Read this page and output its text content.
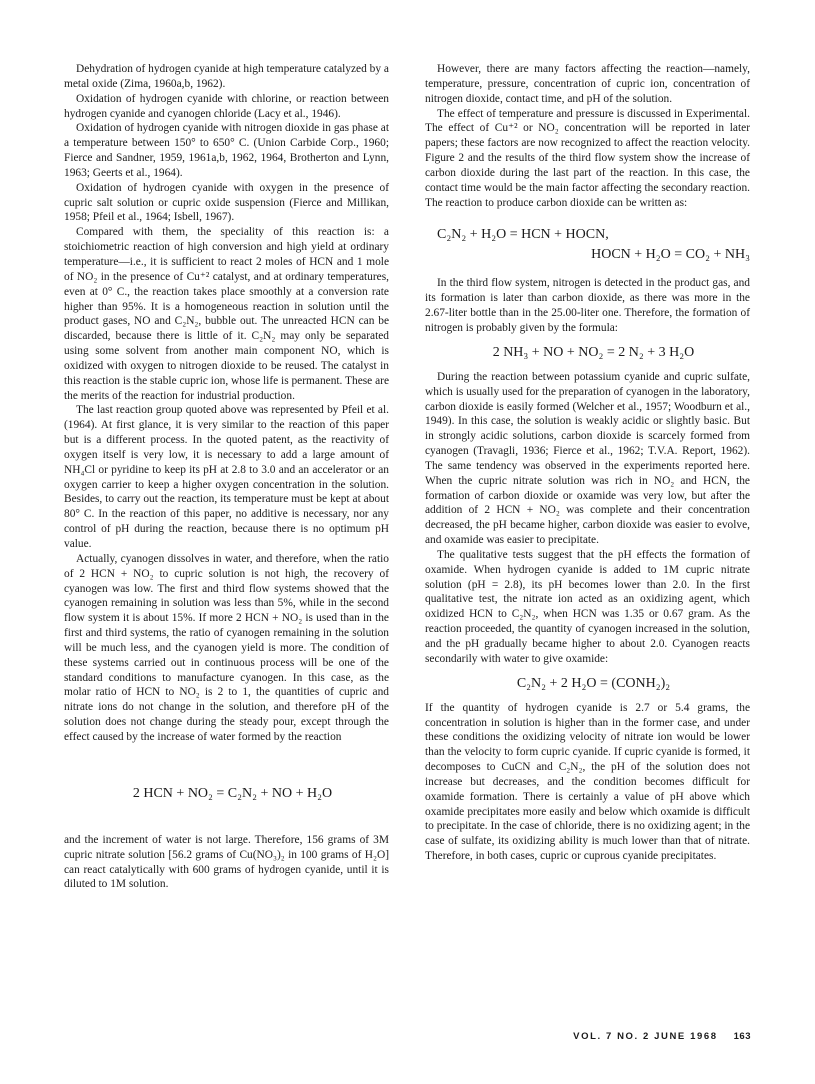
Dehydration of hydrogen cyanide at high temperature catalyzed by a metal oxide (Zima, 1960a,b, 1962).

Oxidation of hydrogen cyanide with chlorine, or reaction between hydrogen cyanide and cyanogen chloride (Lacy et al., 1946).

Oxidation of hydrogen cyanide with nitrogen dioxide in gas phase at a temperature between 150° to 650° C. (Union Carbide Corp., 1960; Fierce and Sandner, 1959, 1961a,b, 1962, 1964, Brotherton and Lynn, 1963; Geerts et al., 1964).

Oxidation of hydrogen cyanide with oxygen in the presence of cupric salt solution or cupric oxide suspension (Fierce and Millikan, 1958; Pfeil et al., 1964; Isbell, 1967).

Compared with them, the speciality of this reaction is: a stoichiometric reaction of high conversion and high yield at ordinary temperature—i.e., it is sufficient to react 2 moles of HCN and 1 mole of NO₂ in the presence of Cu⁺² catalyst, and at ordinary temperatures, even at 0° C., the reaction takes place smoothly at a conversion rate higher than 95%. It is a homogeneous reaction in solution until the product gases, NO and C₂N₂, bubble out. The unreacted HCN can be discarded, because there is little of it. C₂N₂ may only be separated using some solvent from another main component NO, which is oxidized with oxygen to nitrogen dioxide to be reused. The catalyst in this reaction is the stable cupric ion, whose life is permanent. These are the merits of the reaction for industrial production.

The last reaction group quoted above was represented by Pfeil et al. (1964). At first glance, it is very similar to the reaction of this paper but is a different process. In the quoted patent, as the reactivity of oxygen itself is very low, it is necessary to add a large amount of NH₄Cl or pyridine to keep its pH at 2.8 to 3.0 and an accelerator or an oxygen carrier to keep a higher oxygen concentration in the solution. Besides, to carry out the reaction, its temperature must be kept at about 80° C. In the reaction of this paper, no additive is necessary, nor any control of pH during the reaction, because there is no optimum pH value.

Actually, cyanogen dissolves in water, and therefore, when the ratio of 2 HCN + NO₂ to cupric solution is not high, the recovery of cyanogen was low. The first and third flow systems showed that the cyanogen remaining in solution was less than 5%, while in the second flow system it is about 15%. If more 2 HCN + NO₂ is used than in the first and third systems, the ratio of cyanogen remaining in the solution will be much less, and the cyanogen yield is more. The condition of these systems carried out in continuous process will be one of the standard conditions to manufacture cyanogen. In this case, as the molar ratio of HCN to NO₂ is 2 to 1, the quantities of cupric and nitrate ions do not change in the solution, and therefore pH of the solution does not change during the steady pour, except through the effect caused by the increase of water formed by the reaction

2 HCN + NO₂ = C₂N₂ + NO + H₂O

and the increment of water is not large. Therefore, 156 grams of 3M cupric nitrate solution [56.2 grams of Cu(NO₃)₂ in 100 grams of H₂O] can react catalytically with 600 grams of hydrogen cyanide, until it is diluted to 1M solution.

However, there are many factors affecting the reaction—namely, temperature, pressure, concentration of cupric ion, concentration of nitrogen dioxide, contact time, and pH of the solution.

The effect of temperature and pressure is discussed in Experimental. The effect of Cu⁺² or NO₂ concentration will be reported in later papers; these factors are now recognized to affect the reaction velocity. Figure 2 and the results of the third flow system show the increase of carbon dioxide during the last part of the reaction. In this case, the contact time would be the main factor affecting the secondary reaction. The reaction to produce carbon dioxide can be written as:

C₂N₂ + H₂O = HCN + HOCN,

HOCN + H₂O = CO₂ + NH₃

In the third flow system, nitrogen is detected in the product gas, and its formation is later than carbon dioxide, as there was more in the 2.67-liter bottle than in the 25.00-liter one. Therefore, the formation of nitrogen is probably given by the formula:

2 NH₃ + NO + NO₂ = 2 N₂ + 3 H₂O

During the reaction between potassium cyanide and cupric sulfate, which is usually used for the preparation of cyanogen in the laboratory, carbon dioxide is easily formed (Welcher et al., 1957; Woodburn et al., 1949). In this case, the solution is weakly acidic or slightly basic. But in strongly acidic solutions, carbon dioxide is scarcely formed from cyanogen (Travagli, 1936; Fierce et al., 1962; T.V.A. Report, 1962). The same tendency was observed in the experiments reported here. When the cupric nitrate solution was rich in NO₂ and HCN, the formation of carbon dioxide or oxamide was very low, but after the addition of 2 HCN + NO₂ was complete and their concentration decreased, the pH became higher, carbon dioxide was easier to evolve, and oxamide was easier to precipitate.

The qualitative tests suggest that the pH effects the formation of oxamide. When hydrogen cyanide is added to 1M cupric nitrate solution (pH = 2.8), its pH becomes lower than 2.0. In the first qualitative test, the nitrate ion acted as an oxidizing agent, which oxidized HCN to C₂N₂, when HCN was 1.35 or 0.67 gram. As the reaction proceeded, the quantity of cyanogen increased in the solution, and the pH gradually became higher to about 2.0. Cyanogen reacts secondarily with water to give oxamide:

C₂N₂ + 2 H₂O = (CONH₂)₂

If the quantity of hydrogen cyanide is 2.7 or 5.4 grams, the concentration in solution is higher than in the former case, and under these conditions the oxidizing velocity of nitrate ion would be lower than the velocity to form cupric cyanide. If cupric cyanide is formed, it decomposes to CuCN and C₂N₂, the pH of the solution does not increase but decreases, and the condition becomes difficult for oxamide formation. There is certainly a value of pH above which oxamide precipitates more easily and below which oxamide is difficult to precipitate. In the case of chloride, there is no oxidizing agent; in the case of sulfate, its oxidizing ability is much lower than that of nitrate. Therefore, in both cases, cupric or cuprous cyanide precipitates.

VOL. 7 NO. 2 JUNE 1968 163
